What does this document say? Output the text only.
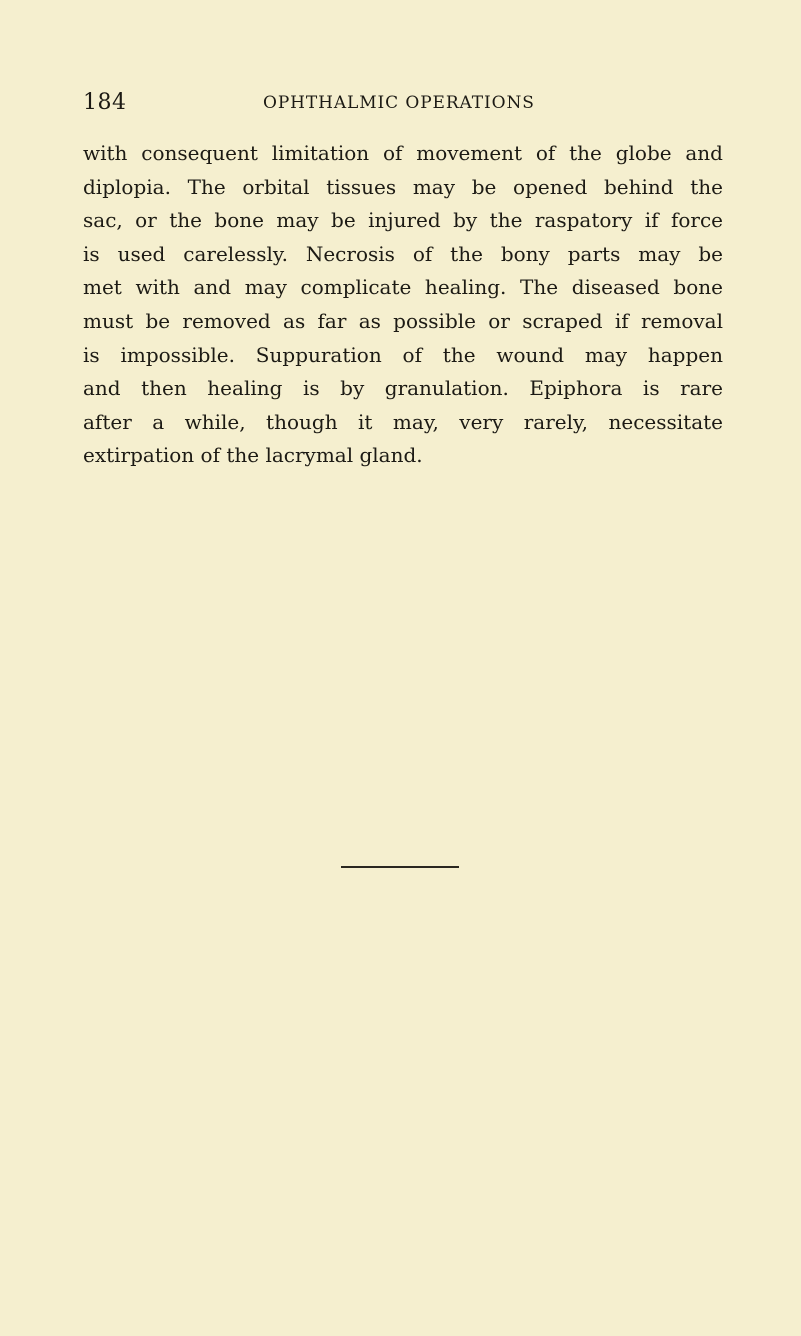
184	OPHTHALMIC OPERATIONS
with consequent limitation of movement of the globe and
diplopia. The orbital tissues may be opened behind the
sac, or the bone may be injured by the raspatory if force
is used carelessly. Necrosis of the bony parts may be
met with and may complicate healing. The diseased bone
must be removed as far as possible or scraped if removal
is impossible. Suppuration of the wound may happen
and then healing is by granulation. Epiphora is rare
after a while, though it may, very rarely, necessitate
extirpation of the lacrymal gland.
